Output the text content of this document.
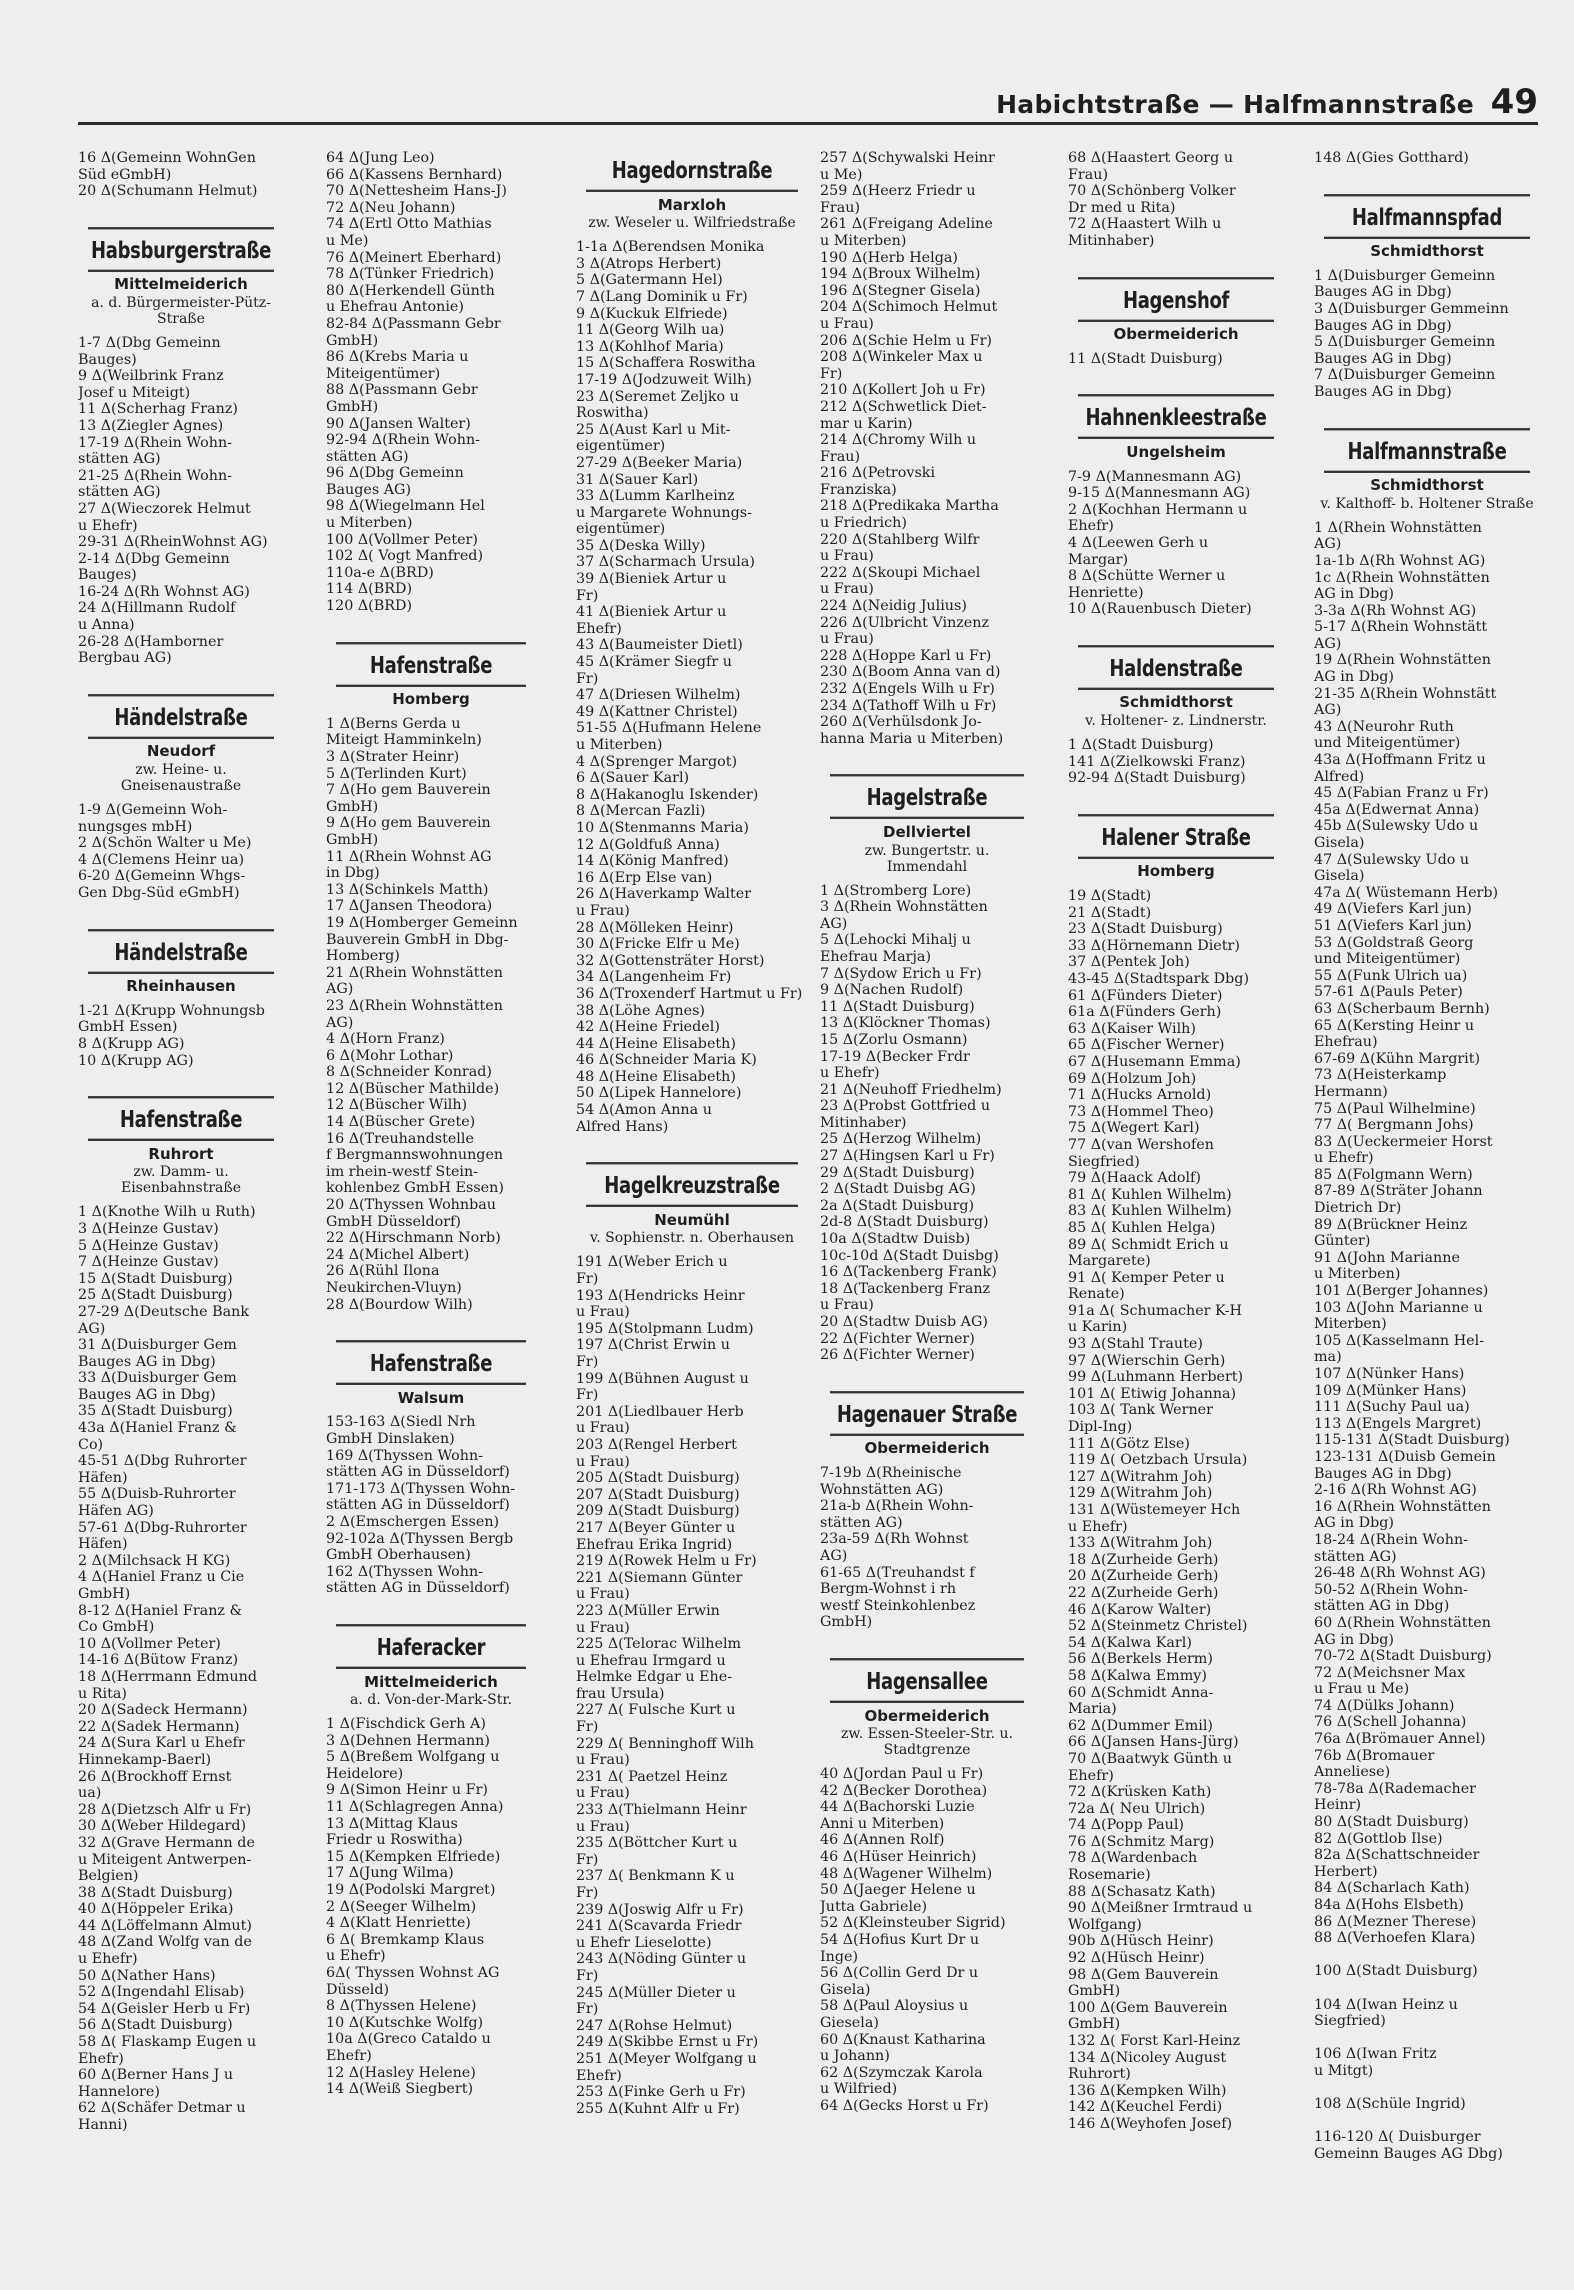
Habichtstraße — Halfmannstraße 49
16 Δ(Gemeinn WohnGen
Süd eGmbH)
20 Δ(Schumann Helmut)
Habsburgerstraße
Mittelmeiderich
a. d. Bürgermeister-Pütz-Straße
1-7 Δ(Dbg Gemeinn
Bauges)
9 Δ(Weilbrink Franz
Josef u Miteigt)
11 Δ(Scherhag Franz)
13 Δ(Ziegler Agnes)
17-19 Δ(Rhein Wohn-
stätten AG)
21-25 Δ(Rhein Wohn-
stätten AG)
27 Δ(Wieczorek Helmut
u Ehefr)
29-31 Δ(RheinWohnst AG)
2-14 Δ(Dbg Gemeinn
Bauges)
16-24 Δ(Rh Wohnst AG)
24 Δ(Hillmann Rudolf
u Anna)
26-28 Δ(Hamborner
Bergbau AG)
Händelstraße
Neudorf
zw. Heine- u. Gneisenaustraße
1-9 Δ(Gemeinn Woh-
nungsges mbH)
2 Δ(Schön Walter u Me)
4 Δ(Clemens Heinr ua)
6-20 Δ(Gemeinn Whgs-
Gen Dbg-Süd eGmbH)
Händelstraße
Rheinhausen
1-21 Δ(Krupp Wohnungsb
GmbH Essen)
8 Δ(Krupp AG)
10 Δ(Krupp AG)
Hafenstraße
Ruhrort
zw. Damm- u. Eisenbahnstraße
1 Δ(Knothe Wilh u Ruth)
3 Δ(Heinze Gustav)
5 Δ(Heinze Gustav)
7 Δ(Heinze Gustav)
15 Δ(Stadt Duisburg)
25 Δ(Stadt Duisburg)
27-29 Δ(Deutsche Bank
AG)
31 Δ(Duisburger Gem
Bauges AG in Dbg)
33 Δ(Duisburger Gem
Bauges AG in Dbg)
35 Δ(Stadt Duisburg)
43a Δ(Haniel Franz &
Co)
45-51 Δ(Dbg Ruhrorter
Häfen)
55 Δ(Duisb-Ruhrorter
Häfen AG)
57-61 Δ(Dbg-Ruhrorter
Häfen)
2 Δ(Milchsack H KG)
4 Δ(Haniel Franz u Cie
GmbH)
8-12 Δ(Haniel Franz &
Co GmbH)
10 Δ(Vollmer Peter)
14-16 Δ(Bütow Franz)
18 Δ(Herrmann Edmund
u Rita)
20 Δ(Sadeck Hermann)
22 Δ(Sadek Hermann)
24 Δ(Sura Karl u Ehefr
Hinnekamp-Baerl)
26 Δ(Brockhoff Ernst
ua)
28 Δ(Dietzsch Alfr u Fr)
30 Δ(Weber Hildegard)
32 Δ(Grave Hermann de
u Miteigent Antwerpen-
Belgien)
38 Δ(Stadt Duisburg)
40 Δ(Höppeler Erika)
44 Δ(Löffelmann Almut)
48 Δ(Zand Wolfg van de
u Ehefr)
50 Δ(Nather Hans)
52 Δ(Ingendahl Elisab)
54 Δ(Geisler Herb u Fr)
56 Δ(Stadt Duisburg)
58 Δ( Flaskamp Eugen u
Ehefr)
60 Δ(Berner Hans J u
Hannelore)
62 Δ(Schäfer Detmar u
Hanni)
64 Δ(Jung Leo)
66 Δ(Kassens Bernhard)
70 Δ(Nettesheim Hans-J)
72 Δ(Neu Johann)
74 Δ(Ertl Otto Mathias
u Me)
76 Δ(Meinert Eberhard)
78 Δ(Tünker Friedrich)
80 Δ(Herkendell Günth
u Ehefrau Antonie)
82-84 Δ(Passmann Gebr
GmbH)
86 Δ(Krebs Maria u
Miteigentümer)
88 Δ(Passmann Gebr
GmbH)
90 Δ(Jansen Walter)
92-94 Δ(Rhein Wohn-
stätten AG)
96 Δ(Dbg Gemeinn
Bauges AG)
98 Δ(Wiegelmann Hel
u Miterben)
100 Δ(Vollmer Peter)
102 Δ( Vogt Manfred)
110a-e Δ(BRD)
114 Δ(BRD)
120 Δ(BRD)
Hafenstraße
Homberg
1 Δ(Berns Gerda u
Miteigt Hamminkeln)
3 Δ(Strater Heinr)
5 Δ(Terlinden Kurt)
7 Δ(Ho gem Bauverein
GmbH)
9 Δ(Ho gem Bauverein
GmbH)
11 Δ(Rhein Wohnst AG
in Dbg)
13 Δ(Schinkels Matth)
17 Δ(Jansen Theodora)
19 Δ(Homberger Gemeinn
Bauverein GmbH in Dbg-
Homberg)
21 Δ(Rhein Wohnstätten
AG)
23 Δ(Rhein Wohnstätten
AG)
4 Δ(Horn Franz)
6 Δ(Mohr Lothar)
8 Δ(Schneider Konrad)
12 Δ(Büscher Mathilde)
12 Δ(Büscher Wilh)
14 Δ(Büscher Grete)
16 Δ(Treuhandstelle
f Bergmannswohnungen
im rhein-westf Stein-
kohlenbez GmbH Essen)
20 Δ(Thyssen Wohnbau
GmbH Düsseldorf)
22 Δ(Hirschmann Norb)
24 Δ(Michel Albert)
26 Δ(Rühl Ilona
Neukirchen-Vluyn)
28 Δ(Bourdow Wilh)
Hafenstraße
Walsum
153-163 Δ(Siedl Nrh
GmbH Dinslaken)
169 Δ(Thyssen Wohn-
stätten AG in Düsseldorf)
171-173 Δ(Thyssen Wohn-
stätten AG in Düsseldorf)
2 Δ(Emschergen Essen)
92-102a Δ(Thyssen Bergb
GmbH Oberhausen)
162 Δ(Thyssen Wohn-
stätten AG in Düsseldorf)
Haferacker
Mittelmeiderich
a. d. Von-der-Mark-Str.
1 Δ(Fischdick Gerh A)
3 Δ(Dehnen Hermann)
5 Δ(Breßem Wolfgang u
Heidelore)
9 Δ(Simon Heinr u Fr)
11 Δ(Schlagregen Anna)
13 Δ(Mittag Klaus
Friedr u Roswitha)
15 Δ(Kempken Elfriede)
17 Δ(Jung Wilma)
19 Δ(Podolski Margret)
2 Δ(Seeger Wilhelm)
4 Δ(Klatt Henriette)
6 Δ( Bremkamp Klaus
u Ehefr)
6Δ( Thyssen Wohnst AG
Düsseld)
8 Δ(Thyssen Helene)
10 Δ(Kutschke Wolfg)
10a Δ(Greco Cataldo u
Ehefr)
12 Δ(Hasley Helene)
14 Δ(Weiß Siegbert)
Hagedornstraße
Marxloh
zw. Weseler u. Wilfriedstraße
1-1a Δ(Berendsen Monika
3 Δ(Atrops Herbert)
5 Δ(Gatermann Hel)
7 Δ(Lang Dominik u Fr)
9 Δ(Kuckuk Elfriede)
11 Δ(Georg Wilh ua)
13 Δ(Kohlhof Maria)
15 Δ(Schaffera Roswitha
17-19 Δ(Jodzuweit Wilh)
23 Δ(Seremet Zeljko u
Roswitha)
25 Δ(Aust Karl u Mit-
eigentümer)
27-29 Δ(Beeker Maria)
31 Δ(Sauer Karl)
33 Δ(Lumm Karlheinz
u Margarete Wohnungs-
eigentümer)
35 Δ(Deska Willy)
37 Δ(Scharmach Ursula)
39 Δ(Bieniek Artur u
Fr)
41 Δ(Bieniek Artur u
Ehefr)
43 Δ(Baumeister Dietl)
45 Δ(Krämer Siegfr u
Fr)
47 Δ(Driesen Wilhelm)
49 Δ(Kattner Christel)
51-55 Δ(Hufmann Helene
u Miterben)
4 Δ(Sprenger Margot)
6 Δ(Sauer Karl)
8 Δ(Hakanoglu Iskender)
8 Δ(Mercan Fazli)
10 Δ(Stenmanns Maria)
12 Δ(Goldfuß Anna)
14 Δ(König Manfred)
16 Δ(Erp Else van)
26 Δ(Haverkamp Walter
u Frau)
28 Δ(Mölleken Heinr)
30 Δ(Fricke Elfr u Me)
32 Δ(Gottensträter Horst)
34 Δ(Langenheim Fr)
36 Δ(Troxenderf Hartmut u Fr)
38 Δ(Löhe Agnes)
42 Δ(Heine Friedel)
44 Δ(Heine Elisabeth)
46 Δ(Schneider Maria K)
48 Δ(Heine Elisabeth)
50 Δ(Lipek Hannelore)
54 Δ(Amon Anna u
Alfred Hans)
Hagelkreuzstraße
Neumühl
v. Sophienstr. n. Oberhausen
191 Δ(Weber Erich u
Fr)
193 Δ(Hendricks Heinr
u Frau)
195 Δ(Stolpmann Ludm)
197 Δ(Christ Erwin u
Fr)
199 Δ(Bühnen August u
Fr)
201 Δ(Liedlbauer Herb
u Frau)
203 Δ(Rengel Herbert
u Frau)
205 Δ(Stadt Duisburg)
207 Δ(Stadt Duisburg)
209 Δ(Stadt Duisburg)
217 Δ(Beyer Günter u
Ehefrau Erika Ingrid)
219 Δ(Rowek Helm u Fr)
221 Δ(Siemann Günter
u Frau)
223 Δ(Müller Erwin
u Frau)
225 Δ(Telorac Wilhelm
u Ehefrau Irmgard u
Helmke Edgar u Ehe-
frau Ursula)
227 Δ( Fulsche Kurt u
Fr)
229 Δ( Benninghoff Wilh
u Frau)
231 Δ( Paetzel Heinz
u Frau)
233 Δ(Thielmann Heinr
u Frau)
235 Δ(Böttcher Kurt u
Fr)
237 Δ( Benkmann K u
Fr)
239 Δ(Joswig Alfr u Fr)
241 Δ(Scavarda Friedr
u Ehefr Lieselotte)
243 Δ(Nöding Günter u
Fr)
245 Δ(Müller Dieter u
Fr)
247 Δ(Rohse Helmut)
249 Δ(Skibbe Ernst u Fr)
251 Δ(Meyer Wolfgang u
Ehefr)
253 Δ(Finke Gerh u Fr)
255 Δ(Kuhnt Alfr u Fr)
257 Δ(Schywalski Heinr
u Me)
259 Δ(Heerz Friedr u
Frau)
261 Δ(Freigang Adeline
u Miterben)
190 Δ(Herb Helga)
194 Δ(Broux Wilhelm)
196 Δ(Stegner Gisela)
204 Δ(Schimoch Helmut
u Frau)
206 Δ(Schie Helm u Fr)
208 Δ(Winkeler Max u
Fr)
210 Δ(Kollert Joh u Fr)
212 Δ(Schwetlick Diet-
mar u Karin)
214 Δ(Chromy Wilh u
Frau)
216 Δ(Petrovski
Franziska)
218 Δ(Predikaka Martha
u Friedrich)
220 Δ(Stahlberg Wilfr
u Frau)
222 Δ(Skoupi Michael
u Frau)
224 Δ(Neidig Julius)
226 Δ(Ulbricht Vinzenz
u Frau)
228 Δ(Hoppe Karl u Fr)
230 Δ(Boom Anna van d)
232 Δ(Engels Wilh u Fr)
234 Δ(Tathoff Wilh u Fr)
260 Δ(Verhülsdonk Jo-
hanna Maria u Miterben)
Hagelstraße
Dellviertel
zw. Bungertstr. u. Immendahl
1 Δ(Stromberg Lore)
3 Δ(Rhein Wohnstätten
AG)
5 Δ(Lehocki Mihalj u
Ehefrau Marja)
7 Δ(Sydow Erich u Fr)
9 Δ(Nachen Rudolf)
11 Δ(Stadt Duisburg)
13 Δ(Klöckner Thomas)
15 Δ(Zorlu Osmann)
17-19 Δ(Becker Frdr
u Ehefr)
21 Δ(Neuhoff Friedhelm)
23 Δ(Probst Gottfried u
Mitinhaber)
25 Δ(Herzog Wilhelm)
27 Δ(Hingsen Karl u Fr)
29 Δ(Stadt Duisburg)
2 Δ(Stadt Duisbg AG)
2a Δ(Stadt Duisburg)
2d-8 Δ(Stadt Duisburg)
10a Δ(Stadtw Duisb)
10c-10d Δ(Stadt Duisbg)
16 Δ(Tackenberg Frank)
18 Δ(Tackenberg Franz
u Frau)
20 Δ(Stadtw Duisb AG)
22 Δ(Fichter Werner)
26 Δ(Fichter Werner)
Hagenauer Straße
Obermeiderich
7-19b Δ(Rheinische
Wohnstätten AG)
21a-b Δ(Rhein Wohn-
stätten AG)
23a-59 Δ(Rh Wohnst
AG)
61-65 Δ(Treuhandst f
Bergm-Wohnst i rh
westf Steinkohlenbez
GmbH)
Hagensallee
Obermeiderich
zw. Essen-Steeler-Str. u. Stadtgrenze
40 Δ(Jordan Paul u Fr)
42 Δ(Becker Dorothea)
44 Δ(Bachorski Luzie
Anni u Miterben)
46 Δ(Annen Rolf)
46 Δ(Hüser Heinrich)
48 Δ(Wagener Wilhelm)
50 Δ(Jaeger Helene u
Jutta Gabriele)
52 Δ(Kleinsteuber Sigrid)
54 Δ(Hofius Kurt Dr u
Inge)
56 Δ(Collin Gerd Dr u
Gisela)
58 Δ(Paul Aloysius u
Giesela)
60 Δ(Knaust Katharina
u Johann)
62 Δ(Szymczak Karola
u Wilfried)
64 Δ(Gecks Horst u Fr)
68 Δ(Haastert Georg u
Frau)
70 Δ(Schönberg Volker
Dr med u Rita)
72 Δ(Haastert Wilh u
Mitinhaber)
Hagenshof
Obermeiderich
11 Δ(Stadt Duisburg)
Hahnenkleestraße
Ungelsheim
7-9 Δ(Mannesmann AG)
9-15 Δ(Mannesmann AG)
2 Δ(Kochhan Hermann u
Ehefr)
4 Δ(Leewen Gerh u
Margar)
8 Δ(Schütte Werner u
Henriette)
10 Δ(Rauenbusch Dieter)
Haldenstraße
Schmidthorst
v. Holtener- z. Lindnerstr.
1 Δ(Stadt Duisburg)
141 Δ(Zielkowski Franz)
92-94 Δ(Stadt Duisburg)
Halener Straße
Homberg
19 Δ(Stadt)
21 Δ(Stadt)
23 Δ(Stadt Duisburg)
33 Δ(Hörnemann Dietr)
37 Δ(Pentek Joh)
43-45 Δ(Stadtspark Dbg)
61 Δ(Fünders Dieter)
61a Δ(Fünders Gerh)
63 Δ(Kaiser Wilh)
65 Δ(Fischer Werner)
67 Δ(Husemann Emma)
69 Δ(Holzum Joh)
71 Δ(Hucks Arnold)
73 Δ(Hommel Theo)
75 Δ(Wegert Karl)
77 Δ(van Wershofen
Siegfried)
79 Δ(Haack Adolf)
81 Δ( Kuhlen Wilhelm)
83 Δ( Kuhlen Wilhelm)
85 Δ( Kuhlen Helga)
89 Δ( Schmidt Erich u
Margarete)
91 Δ( Kemper Peter u
Renate)
91a Δ( Schumacher K-H
u Karin)
93 Δ(Stahl Traute)
97 Δ(Wierschin Gerh)
99 Δ(Luhmann Herbert)
101 Δ( Etiwig Johanna)
103 Δ( Tank Werner
Dipl-Ing)
111 Δ(Götz Else)
119 Δ( Oetzbach Ursula)
127 Δ(Witrahm Joh)
129 Δ(Witrahm Joh)
131 Δ(Wüstemeyer Hch
u Ehefr)
133 Δ(Witrahm Joh)
18 Δ(Zurheide Gerh)
20 Δ(Zurheide Gerh)
22 Δ(Zurheide Gerh)
46 Δ(Karow Walter)
52 Δ(Steinmetz Christel)
54 Δ(Kalwa Karl)
56 Δ(Berkels Herm)
58 Δ(Kalwa Emmy)
60 Δ(Schmidt Anna-
Maria)
62 Δ(Dummer Emil)
66 Δ(Jansen Hans-Jürg)
70 Δ(Baatwyk Günth u
Ehefr)
72 Δ(Krüsken Kath)
72a Δ( Neu Ulrich)
74 Δ(Popp Paul)
76 Δ(Schmitz Marg)
78 Δ(Wardenbach
Rosemarie)
88 Δ(Schasatz Kath)
90 Δ(Meißner Irmtraud u
Wolfgang)
90b Δ(Hüsch Heinr)
92 Δ(Hüsch Heinr)
98 Δ(Gem Bauverein
GmbH)
100 Δ(Gem Bauverein
GmbH)
132 Δ( Forst Karl-Heinz
134 Δ(Nicoley August
Ruhrort)
136 Δ(Kempken Wilh)
142 Δ(Keuchel Ferdi)
146 Δ(Weyhofen Josef)
148 Δ(Gies Gotthard)
Halfmannspfad
Schmidthorst
1 Δ(Duisburger Gemeinn
Bauges AG in Dbg)
3 Δ(Duisburger Gemmeinn
Bauges AG in Dbg)
5 Δ(Duisburger Gemeinn
Bauges AG in Dbg)
7 Δ(Duisburger Gemeinn
Bauges AG in Dbg)
Halfmannstraße
Schmidthorst
v. Kalthoff- b. Holtener Straße
1 Δ(Rhein Wohnstätten
AG)
1a-1b Δ(Rh Wohnst AG)
1c Δ(Rhein Wohnstätten
AG in Dbg)
3-3a Δ(Rh Wohnst AG)
5-17 Δ(Rhein Wohnstätt
AG)
19 Δ(Rhein Wohnstätten
AG in Dbg)
21-35 Δ(Rhein Wohnstätt
AG)
43 Δ(Neurohr Ruth
und Miteigentümer)
43a Δ(Hoffmann Fritz u
Alfred)
45 Δ(Fabian Franz u Fr)
45a Δ(Edwernat Anna)
45b Δ(Sulewsky Udo u
Gisela)
47 Δ(Sulewsky Udo u
Gisela)
47a Δ( Wüstemann Herb)
49 Δ(Viefers Karl jun)
51 Δ(Viefers Karl jun)
53 Δ(Goldstraß Georg
und Miteigentümer)
55 Δ(Funk Ulrich ua)
57-61 Δ(Pauls Peter)
63 Δ(Scherbaum Bernh)
65 Δ(Kersting Heinr u
Ehefrau)
67-69 Δ(Kühn Margrit)
73 Δ(Heisterkamp
Hermann)
75 Δ(Paul Wilhelmine)
77 Δ( Bergmann Johs)
83 Δ(Ueckermeier Horst
u Ehefr)
85 Δ(Folgmann Wern)
87-89 Δ(Sträter Johann
Dietrich Dr)
89 Δ(Brückner Heinz
Günter)
91 Δ(John Marianne
u Miterben)
101 Δ(Berger Johannes)
103 Δ(John Marianne u
Miterben)
105 Δ(Kasselmann Hel-
ma)
107 Δ(Nünker Hans)
109 Δ(Münker Hans)
111 Δ(Suchy Paul ua)
113 Δ(Engels Margret)
115-131 Δ(Stadt Duisburg)
123-131 Δ(Duisb Gemein
Bauges AG in Dbg)
2-16 Δ(Rh Wohnst AG)
16 Δ(Rhein Wohnstätten
AG in Dbg)
18-24 Δ(Rhein Wohn-
stätten AG)
26-48 Δ(Rh Wohnst AG)
50-52 Δ(Rhein Wohn-
stätten AG in Dbg)
60 Δ(Rhein Wohnstätten
AG in Dbg)
70-72 Δ(Stadt Duisburg)
72 Δ(Meichsner Max
u Frau u Me)
74 Δ(Dülks Johann)
76 Δ(Schell Johanna)
76a Δ(Brömauer Annel)
76b Δ(Bromauer
Anneliese)
78-78a Δ(Rademacher
Heinr)
80 Δ(Stadt Duisburg)
82 Δ(Gottlob Ilse)
82a Δ(Schattschneider
Herbert)
84 Δ(Scharlach Kath)
84a Δ(Hohs Elsbeth)
86 Δ(Mezner Therese)
88 Δ(Verhoefen Klara)

100 Δ(Stadt Duisburg)

104 Δ(Iwan Heinz u
Siegfried)

106 Δ(Iwan Fritz
u Mitgt)

108 Δ(Schüle Ingrid)

116-120 Δ( Duisburger
Gemeinn Bauges AG Dbg)
